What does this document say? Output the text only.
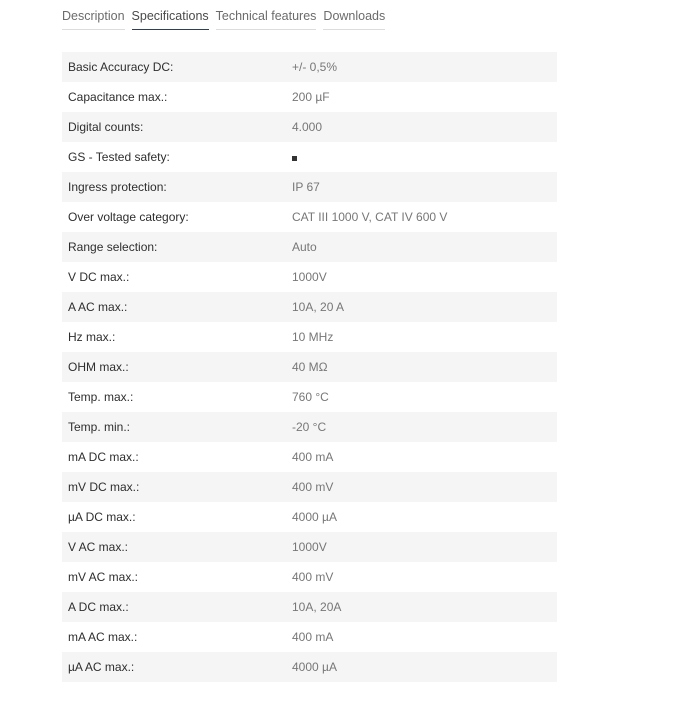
Description Specifications Technical features Downloads
Basic Accuracy DC:	+/- 0,5%
Capacitance max.:	200 µF
Digital counts:	4.000
GS - Tested safety:
Ingress protection:	IP 67
Over voltage category:	CAT III 1000 V, CAT IV 600 V
Range selection:	Auto
V DC max.:	1000V
A AC max.:	10A, 20 A
Hz max.:	10 MHz
OHM max.:	40 MΩ
Temp. max.:	760 °C
Temp. min.:	-20 °C
mA DC max.:	400 mA
mV DC max.:	400 mV
µA DC max.:	4000 µA
V AC max.:	1000V
mV AC max.:	400 mV
A DC max.:	10A, 20A
mA AC max.:	400 mA
µA AC max.:	4000 µA
